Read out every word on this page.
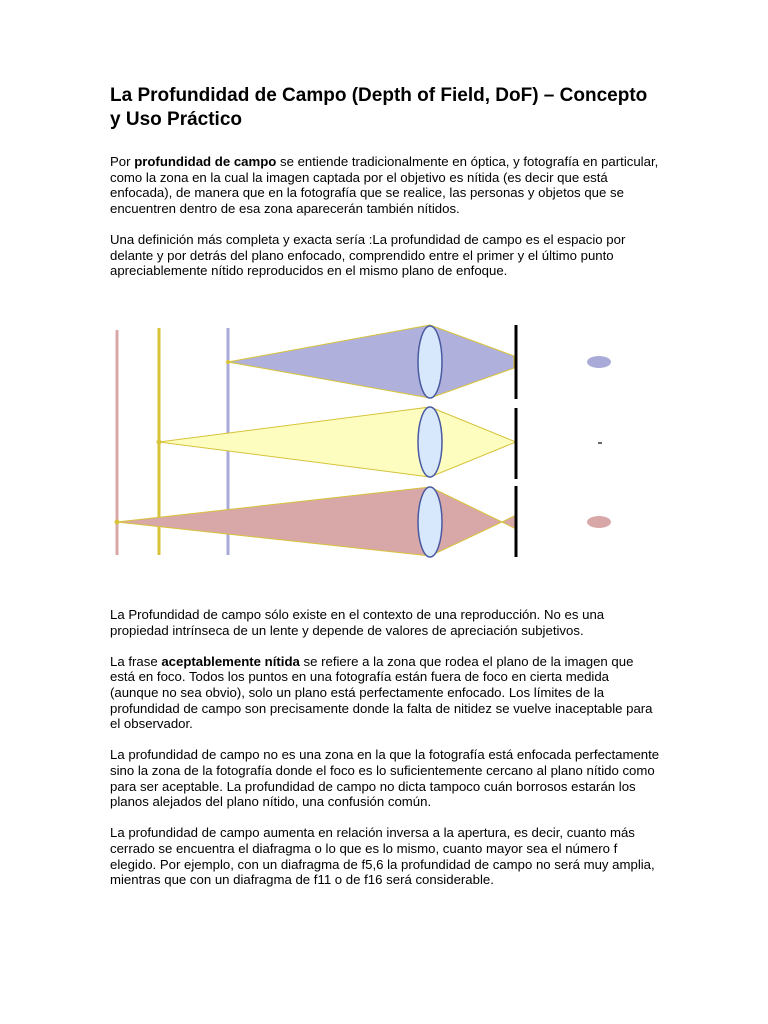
La Profundidad de Campo (Depth of Field, DoF) – Concepto y Uso Práctico

Por profundidad de campo se entiende tradicionalmente en óptica, y fotografía en particular, como la zona en la cual la imagen captada por el objetivo es nítida (es decir que está enfocada), de manera que en la fotografía que se realice, las personas y objetos que se encuentren dentro de esa zona aparecerán también nítidos.

Una definición más completa y exacta sería :La profundidad de campo es el espacio por delante y por detrás del plano enfocado, comprendido entre el primer y el último punto apreciablemente nítido reproducidos en el mismo plano de enfoque.

La Profundidad de campo sólo existe en el contexto de una reproducción. No es una propiedad intrínseca de un lente y depende de valores de apreciación subjetivos.

La frase aceptablemente nítida se refiere a la zona que rodea el plano de la imagen que está en foco. Todos los puntos en una fotografía están fuera de foco en cierta medida (aunque no sea obvio), solo un plano está perfectamente enfocado. Los límites de la profundidad de campo son precisamente donde la falta de nitidez se vuelve inaceptable para el observador.

La profundidad de campo no es una zona en la que la fotografía está enfocada perfectamente sino la zona de la fotografía donde el foco es lo suficientemente cercano al plano nítido como para ser aceptable. La profundidad de campo no dicta tampoco cuán borrosos estarán los planos alejados del plano nítido, una confusión común.

La profundidad de campo aumenta en relación inversa a la apertura, es decir, cuanto más cerrado se encuentra el diafragma o lo que es lo mismo, cuanto mayor sea el número f elegido. Por ejemplo, con un diafragma de f5,6 la profundidad de campo no será muy amplia, mientras que con un diafragma de f11 o de f16 será considerable.
